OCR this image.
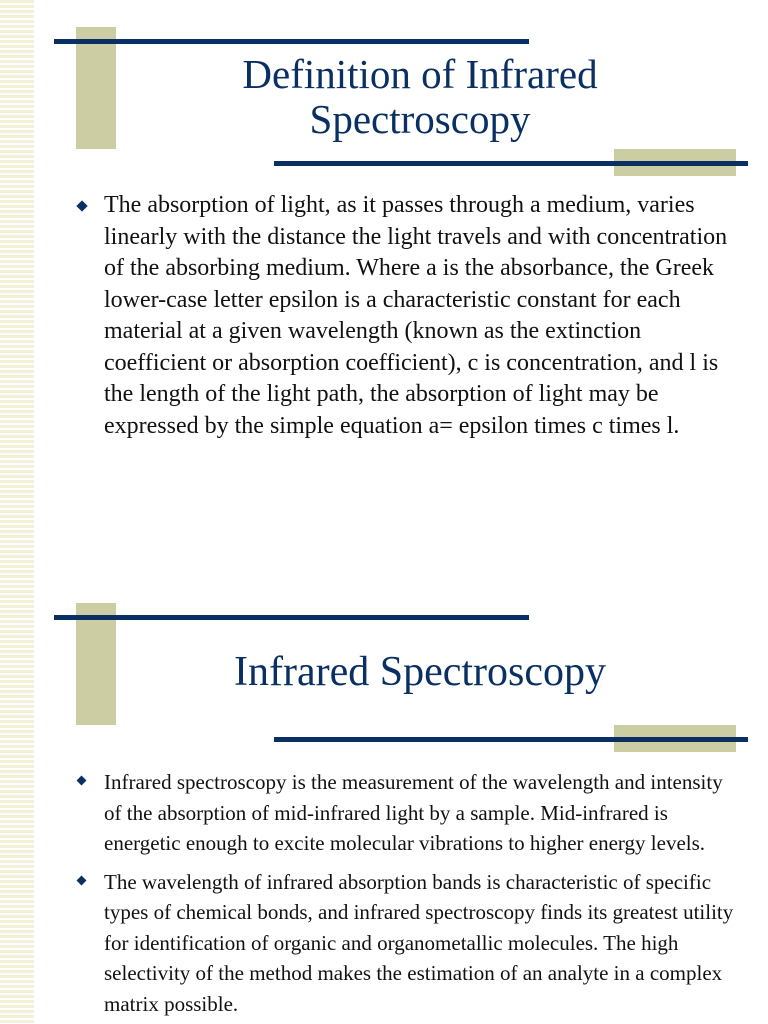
Definition of Infrared
Spectroscopy
The absorption of light, as it passes through a medium, varies linearly with the distance the light travels and with concentration of the absorbing medium. Where a is the absorbance, the Greek lower-case letter epsilon is a characteristic constant for each material at a given wavelength (known as the extinction coefficient or absorption coefficient), c is concentration, and l is the length of the light path, the absorption of light may be expressed by the simple equation a= epsilon times c times l.
Infrared Spectroscopy
Infrared spectroscopy is the measurement of the wavelength and intensity of the absorption of mid-infrared light by a sample. Mid-infrared is energetic enough to excite molecular vibrations to higher energy levels.
The wavelength of infrared absorption bands is characteristic of specific types of chemical bonds, and infrared spectroscopy finds its greatest utility for identification of organic and organometallic molecules. The high selectivity of the method makes the estimation of an analyte in a complex matrix possible.
